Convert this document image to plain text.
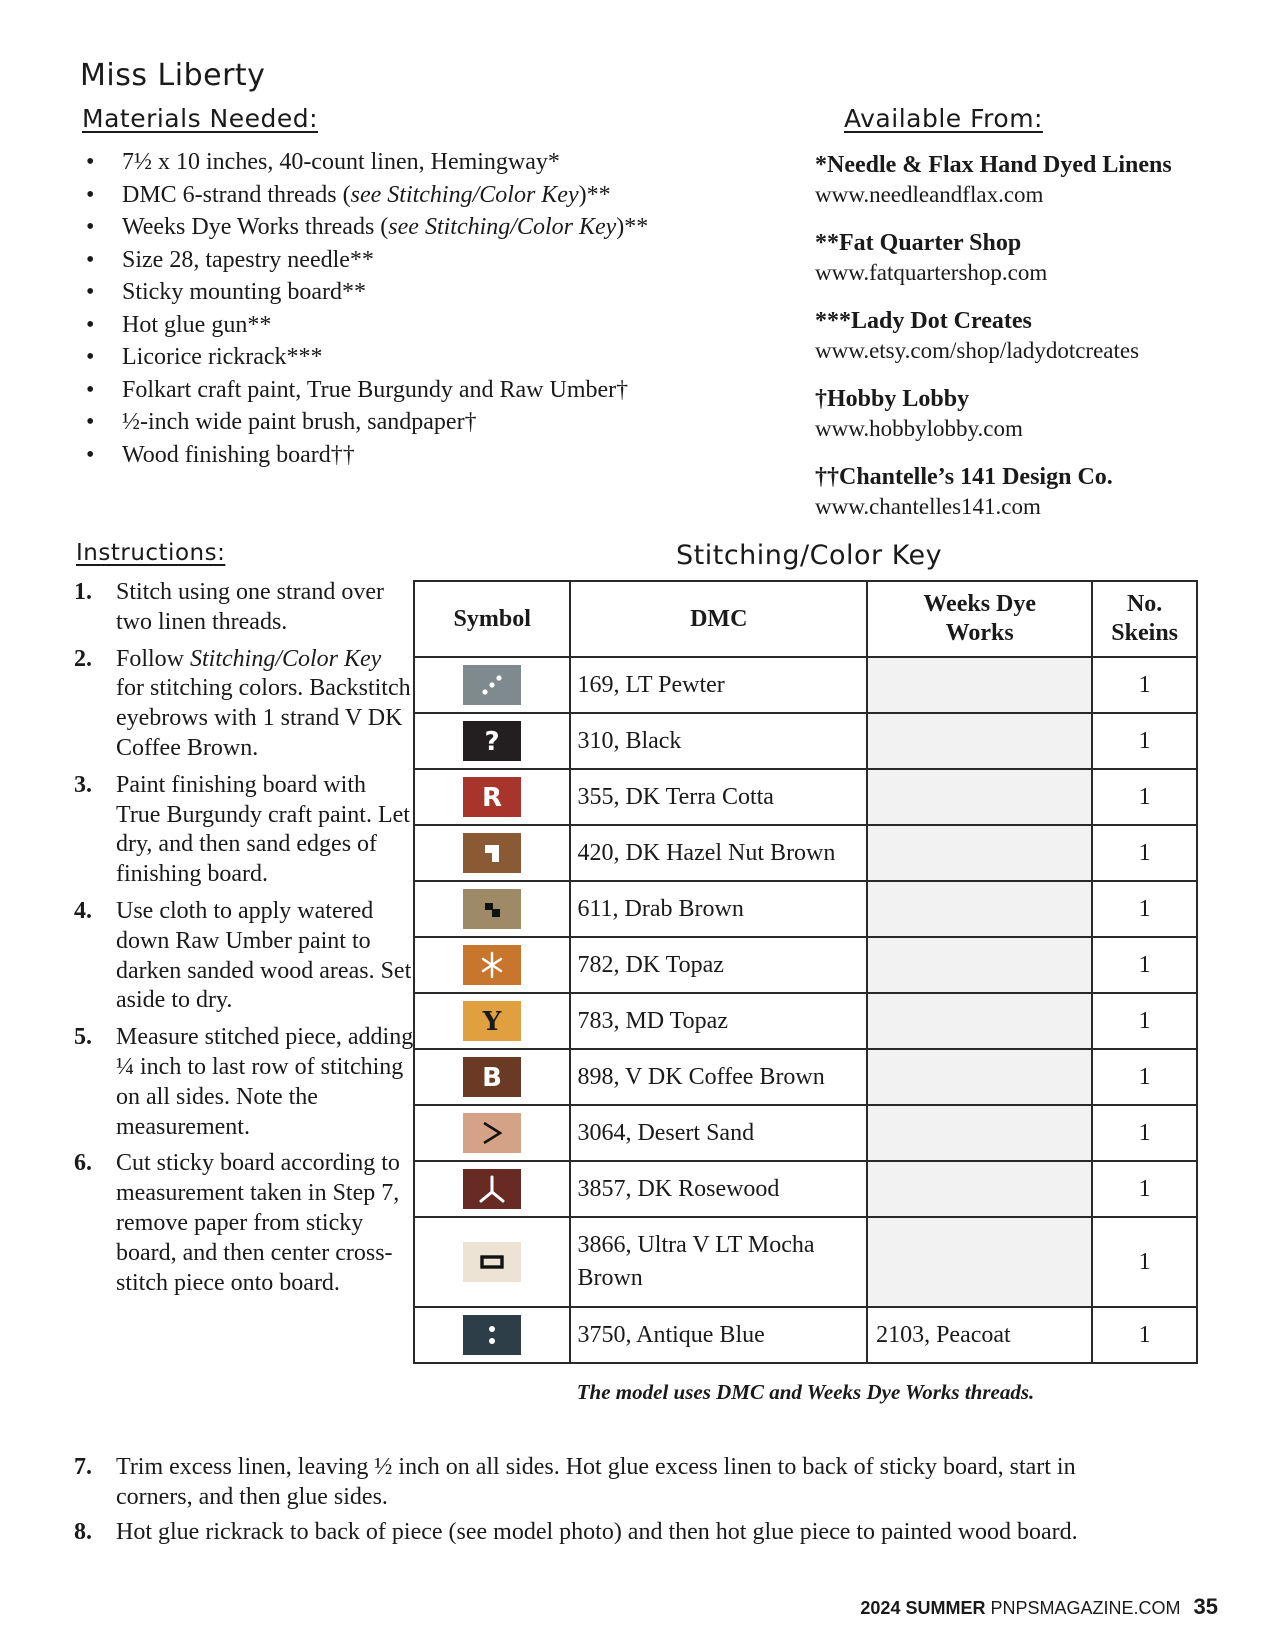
Miss Liberty
Materials Needed:	Available From:
• 7½ x 10 inches, 40-count linen, Hemingway*
• DMC 6-strand threads (see Stitching/Color Key)**
• Weeks Dye Works threads (see Stitching/Color Key)**
• Size 28, tapestry needle**
• Sticky mounting board**
• Hot glue gun**
• Licorice rickrack***
• Folkart craft paint, True Burgundy and Raw Umber†
• ½-inch wide paint brush, sandpaper†
• Wood finishing board††
*Needle & Flax Hand Dyed Linens
www.needleandflax.com
**Fat Quarter Shop
www.fatquartershop.com
***Lady Dot Creates
www.etsy.com/shop/ladydotcreates
†Hobby Lobby
www.hobbylobby.com
††Chantelle’s 141 Design Co.
www.chantelles141.com
Instructions:	Stitching/Color Key
1. Stitch using one strand over two linen threads.
2. Follow Stitching/Color Key for stitching colors. Backstitch eyebrows with 1 strand V DK Coffee Brown.
3. Paint finishing board with True Burgundy craft paint. Let dry, and then sand edges of finishing board.
4. Use cloth to apply watered down Raw Umber paint to darken sanded wood areas. Set aside to dry.
5. Measure stitched piece, adding ¼ inch to last row of stitching on all sides. Note the measurement.
6. Cut sticky board according to measurement taken in Step 7, remove paper from sticky board, and then center cross-stitch piece onto board.
7. Trim excess linen, leaving ½ inch on all sides. Hot glue excess linen to back of sticky board, start in corners, and then glue sides.
8. Hot glue rickrack to back of piece (see model photo) and then hot glue piece to painted wood board.
Symbol	DMC	Weeks Dye Works	No. Skeins

	169, LT Pewter		1

?	310, Black		1

R	355, DK Terra Cotta		1

	420, DK Hazel Nut Brown		1

	611, Drab Brown		1

	782, DK Topaz		1

Y	783, MD Topaz		1

B	898, V DK Coffee Brown		1

	3064, Desert Sand		1

	3857, DK Rosewood		1

	3866, Ultra V LT Mocha Brown		1

	3750, Antique Blue	2103, Peacoat	1
The model uses DMC and Weeks Dye Works threads.
2024 SUMMER PNPSMAGAZINE.COM 35
